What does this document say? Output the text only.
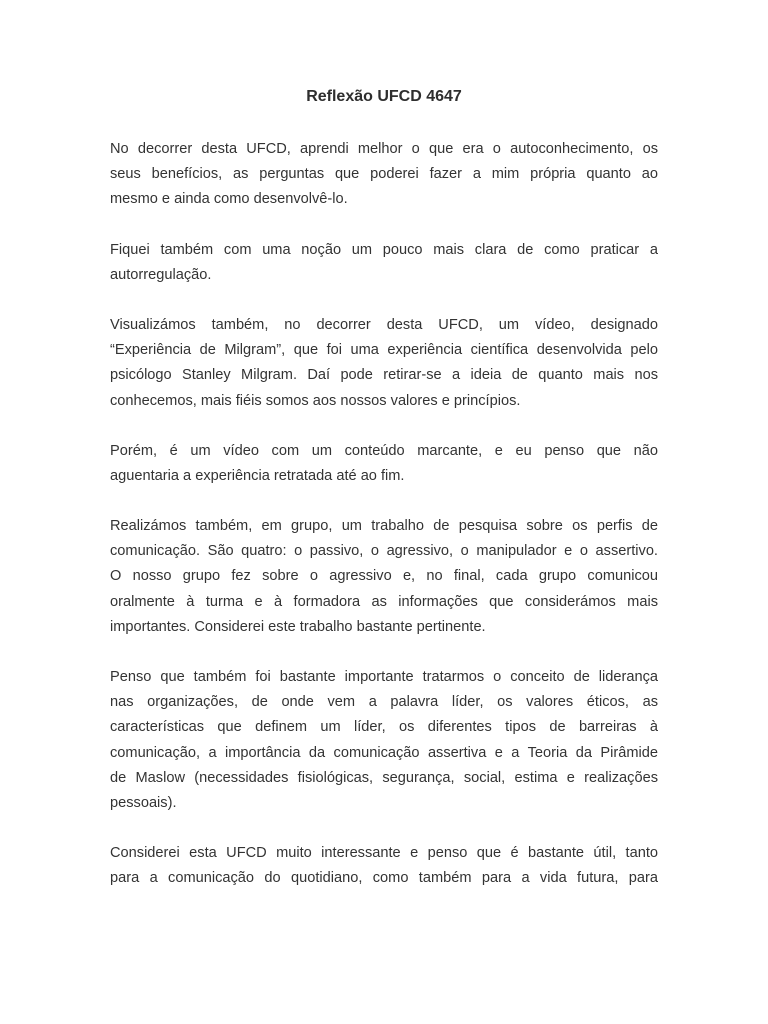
Reflexão UFCD 4647

No decorrer desta UFCD, aprendi melhor o que era o autoconhecimento, os
seus benefícios, as perguntas que poderei fazer a mim própria quanto ao
mesmo e ainda como desenvolvê-lo.

Fiquei também com uma noção um pouco mais clara de como praticar a
autorregulação.

Visualizámos também, no decorrer desta UFCD, um vídeo, designado
“Experiência de Milgram”, que foi uma experiência científica desenvolvida pelo
psicólogo Stanley Milgram. Daí pode retirar-se a ideia de quanto mais nos
conhecemos, mais fiéis somos aos nossos valores e princípios.

Porém, é um vídeo com um conteúdo marcante, e eu penso que não
aguentaria a experiência retratada até ao fim.

Realizámos também, em grupo, um trabalho de pesquisa sobre os perfis de
comunicação. São quatro: o passivo, o agressivo, o manipulador e o assertivo.
O nosso grupo fez sobre o agressivo e, no final, cada grupo comunicou
oralmente à turma e à formadora as informações que considerámos mais
importantes. Considerei este trabalho bastante pertinente.

Penso que também foi bastante importante tratarmos o conceito de liderança
nas organizações, de onde vem a palavra líder, os valores éticos, as
características que definem um líder, os diferentes tipos de barreiras à
comunicação, a importância da comunicação assertiva e a Teoria da Pirâmide
de Maslow (necessidades fisiológicas, segurança, social, estima e realizações
pessoais).

Considerei esta UFCD muito interessante e penso que é bastante útil, tanto
para a comunicação do quotidiano, como também para a vida futura, para
